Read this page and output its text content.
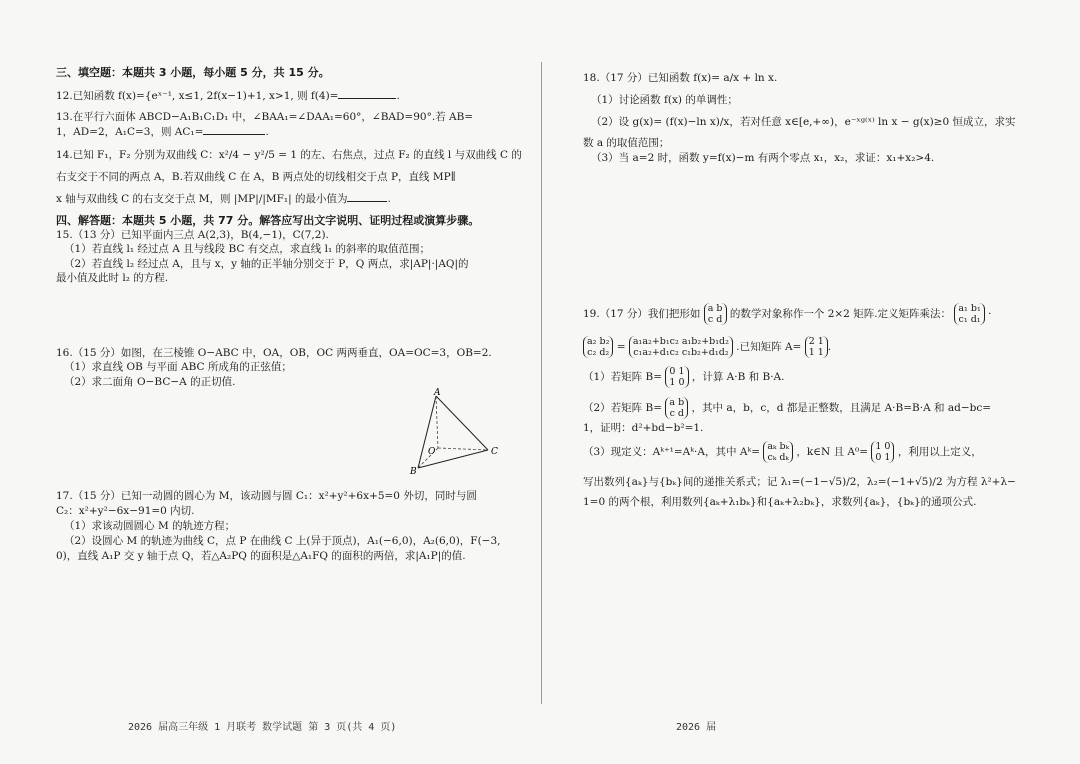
三、填空题：本题共 3 小题，每小题 5 分，共 15 分。
12.已知函数 f(x)={eˣ⁻¹, x≤1, 2f(x−1)+1, x>1, 则 f(4)=	.
13.在平行六面体 ABCD−A₁B₁C₁D₁ 中，∠BAA₁=∠DAA₁=60°，∠BAD=90°.若 AB=
1，AD=2，A₁C=3，则 AC₁=	.
14.已知 F₁，F₂ 分别为双曲线 C：x²/4 − y²/5 = 1 的左、右焦点，过点 F₂ 的直线 l 与双曲线 C 的
右支交于不同的两点 A，B.若双曲线 C 在 A，B 两点处的切线相交于点 P，直线 MP∥
x 轴与双曲线 C 的右支交于点 M，则 |MP|/|MF₁| 的最小值为	.
四、解答题：本题共 5 小题，共 77 分。解答应写出文字说明、证明过程或演算步骤。
15.（13 分）已知平面内三点 A(2,3)，B(4,−1)，C(7,2).
（1）若直线 l₁ 经过点 A 且与线段 BC 有交点，求直线 l₁ 的斜率的取值范围；
（2）若直线 l₂ 经过点 A，且与 x，y 轴的正半轴分别交于 P，Q 两点，求|AP|·|AQ|的
最小值及此时 l₂ 的方程.
16.（15 分）如图，在三棱锥 O−ABC 中，OA，OB，OC 两两垂直，OA=OC=3，OB=2.
（1）求直线 OB 与平面 ABC 所成角的正弦值；
（2）求二面角 O−BC−A 的正切值.
17.（15 分）已知一动圆的圆心为 M，该动圆与圆 C₁：x²+y²+6x+5=0 外切，同时与圆
C₂：x²+y²−6x−91=0 内切.
（1）求该动圆圆心 M 的轨迹方程；
（2）设圆心 M 的轨迹为曲线 C，点 P 在曲线 C 上(异于顶点)，A₁(−6,0)，A₂(6,0)，F(−3,
0)，直线 A₁P 交 y 轴于点 Q，若△A₂PQ 的面积是△A₁FQ 的面积的两倍，求|A₁P|的值.
A
O
B
C
18.（17 分）已知函数 f(x)= a/x + ln x.
（1）讨论函数 f(x) 的单调性；
（2）设 g(x)= (f(x)−ln x)/x，若对任意 x∈[e,+∞)，e⁻ˣᵍ⁽ˣ⁾ ln x − g(x)≥0 恒成立，求实
数 a 的取值范围；
（3）当 a=2 时，函数 y=f(x)−m 有两个零点 x₁，x₂，求证：x₁+x₂>4.
19.（17 分）我们把形如 a b
c d 的数学对象称作一个 2×2 矩阵.定义矩阵乘法： a₁ b₁
c₁ d₁ ·
a₂ b₂
c₂ d₂ = a₁a₂+b₁c₂ a₁b₂+b₁d₂
c₁a₂+d₁c₂ c₁b₂+d₁d₂ .已知矩阵 A= 2 1
1 1 .
（1）若矩阵 B= 0 1
1 0 ，计算 A·B 和 B·A.
（2）若矩阵 B= a b
c d ，其中 a，b，c，d 都是正整数，且满足 A·B=B·A 和 ad−bc=
1，证明：d²+bd−b²=1.
（3）现定义：Aᵏ⁺¹=Aᵏ·A，其中 Aᵏ= aₖ bₖ
cₖ dₖ ，k∈N 且 A⁰= 1 0
0 1 ，利用以上定义，
写出数列{aₖ}与{bₖ}间的递推关系式；记 λ₁=(−1−√5)/2，λ₂=(−1+√5)/2 为方程 λ²+λ−
1=0 的两个根，利用数列{aₖ+λ₁bₖ}和{aₖ+λ₂bₖ}，求数列{aₖ}，{bₖ}的通项公式.
2026 届高三年级 1 月联考 数学试题 第 3 页(共 4 页)	2026 届
